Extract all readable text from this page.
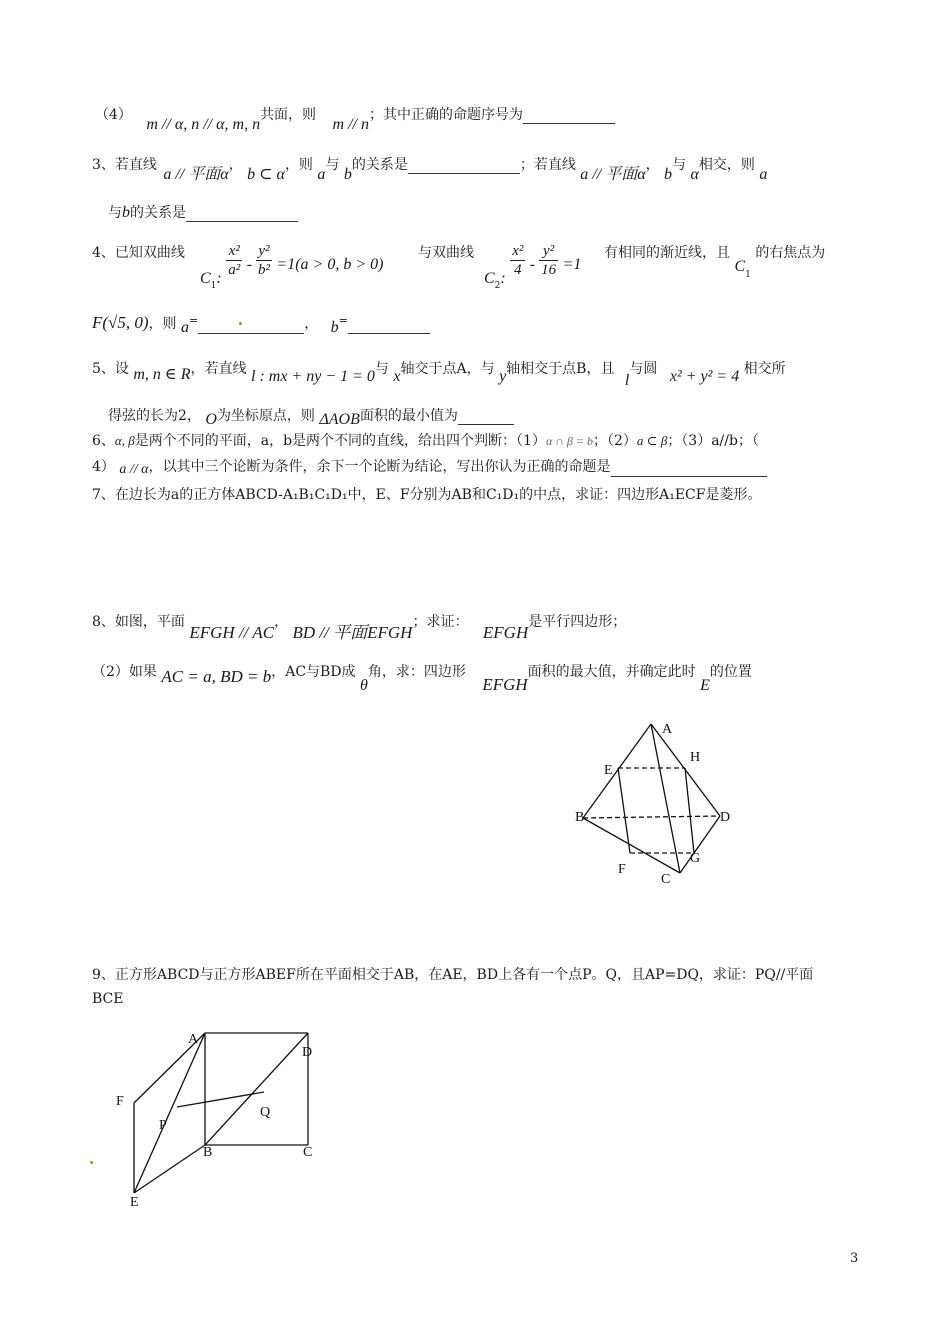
（4） m // α, n // α, m, n共面，则 m // n；其中正确的命题序号为
3、若直线 a // 平面α， b ⊂ α，则 a与 b的关系是	；若直线 a // 平面α， b与 α相交，则 a
与b的关系是
4、已知双曲线
$C_1$: $\frac{\text{x²}}{\text{a²}} - \frac{\text{y²}}{\text{b²}} =1(a > 0$, b > 0)
与双曲线
$C_2$: $\frac{\text{x²}}{4} - \frac{\text{y²}}{16} =1$
有相同的渐近线，且 $C_1$ 的右焦点为
F(√5, 0)，则 a=	， b=
5、设 m, n ∈ R，若直线 l : mx + ny − 1 = 0与 x轴交于点A，与 y轴相交于点B，且 l与圆 x² + y² = 4 相交所
得弦的长为2， O为坐标原点，则 ΔAOB面积的最小值为
6、α, β是两个不同的平面，a，b是两个不同的直线，给出四个判断：（1）α ∩ β = b；（2）a ⊂ β；（3）a//b；（
4） a // α，以其中三个论断为条件，余下一个论断为结论，写出你认为正确的命题是
7、在边长为a的正方体ABCD-A₁B₁C₁D₁中，E、F分别为AB和C₁D₁的中点，求证：四边形A₁ECF是菱形。
8、如图，平面 EFGH // AC， BD // 平面EFGH；求证： EFGH是平行四边形；
（2）如果 AC = a, BD = b，AC与BD成 θ角，求：四边形 EFGH面积的最大值，并确定此时 E的位置
A
H
E
B	D
G
F
C
9、正方形ABCD与正方形ABEF所在平面相交于AB，在AE，BD上各有一个点P。Q，且AP=DQ，求证：PQ//平面
BCE
A
D
F
Q
P
B	C
E
3
